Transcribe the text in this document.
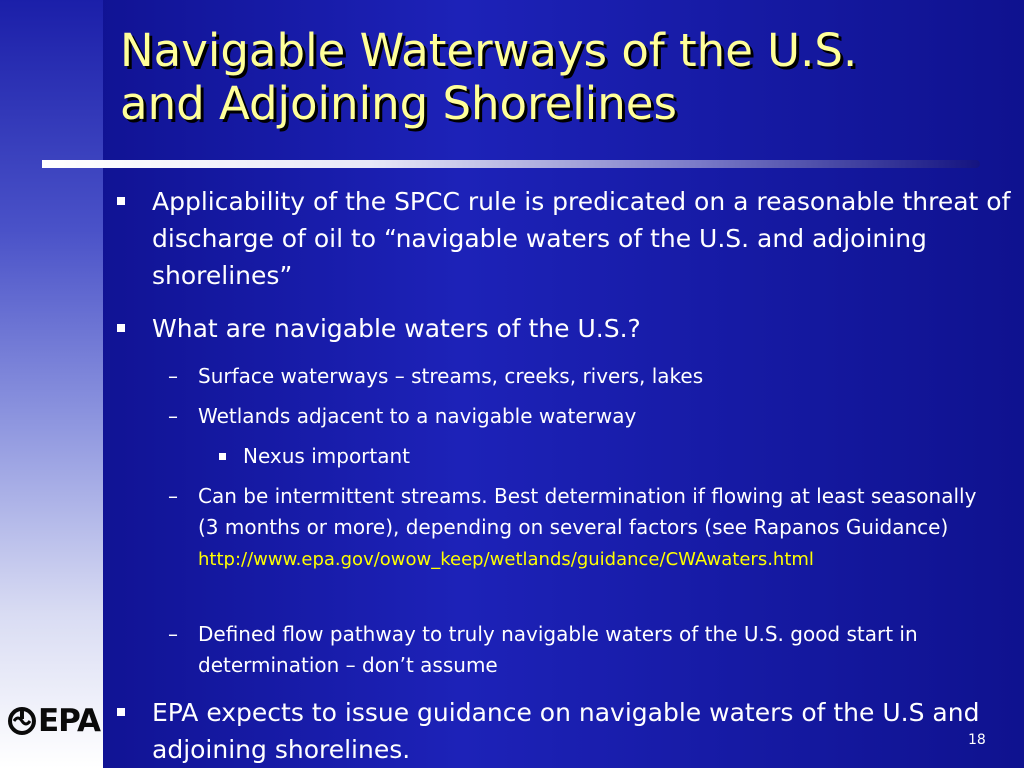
Navigable Waterways of the U.S.
and Adjoining Shorelines
Applicability of the SPCC rule is predicated on a reasonable threat of discharge of oil to “navigable waters of the U.S. and adjoining shorelines”
What are navigable waters of the U.S.?
– Surface waterways – streams, creeks, rivers, lakes
– Wetlands adjacent to a navigable waterway
Nexus important
– Can be intermittent streams. Best determination if flowing at least seasonally (3 months or more), depending on several factors (see Rapanos Guidance)
http://www.epa.gov/owow_keep/wetlands/guidance/CWAwaters.html
– Defined flow pathway to truly navigable waters of the U.S. good start in determination – don’t assume
EPA expects to issue guidance on navigable waters of the U.S and adjoining shorelines.
EPA
18
